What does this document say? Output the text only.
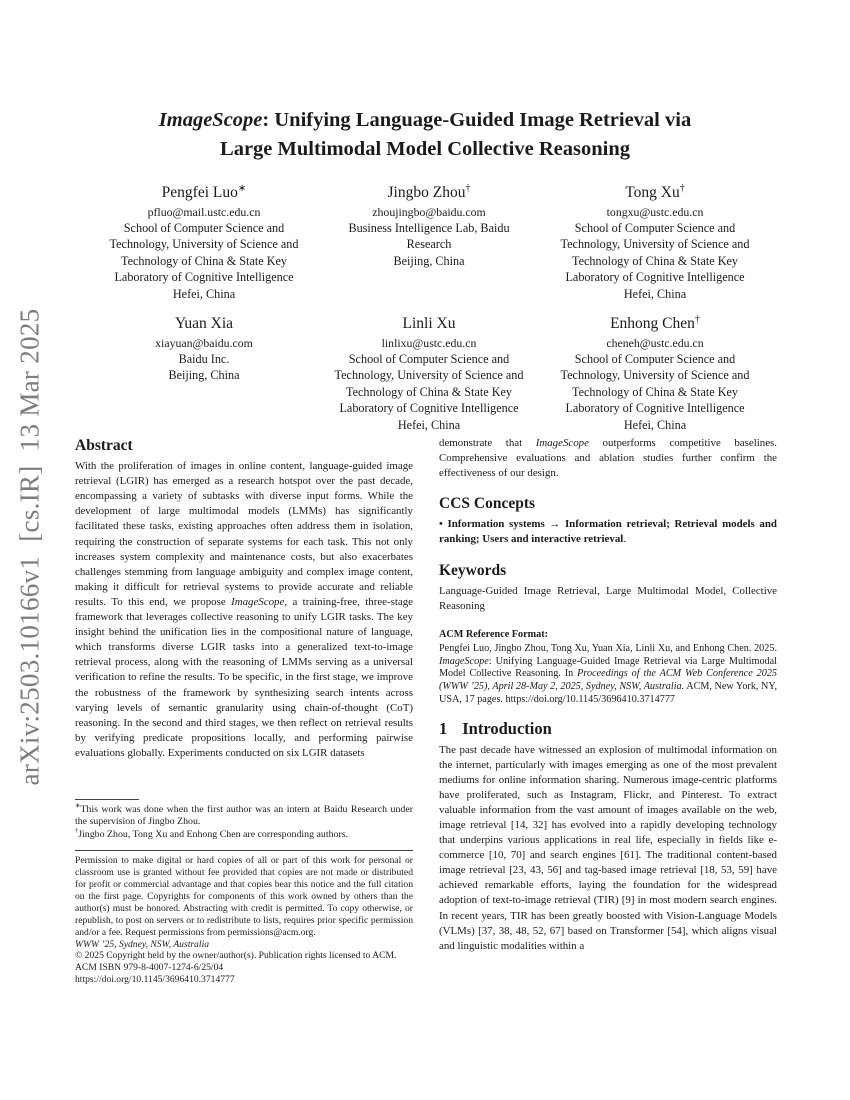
arXiv:2503.10166v1  [cs.IR]  13 Mar 2025
ImageScope: Unifying Language-Guided Image Retrieval via
Large Multimodal Model Collective Reasoning
Pengfei Luo∗
pfluo@mail.ustc.edu.cn
School of Computer Science and
Technology, University of Science and
Technology of China & State Key
Laboratory of Cognitive Intelligence
Hefei, China
Jingbo Zhou†
zhoujingbo@baidu.com
Business Intelligence Lab, Baidu
Research
Beijing, China
Tong Xu†
tongxu@ustc.edu.cn
School of Computer Science and
Technology, University of Science and
Technology of China & State Key
Laboratory of Cognitive Intelligence
Hefei, China
Yuan Xia
xiayuan@baidu.com
Baidu Inc.
Beijing, China
Linli Xu
linlixu@ustc.edu.cn
School of Computer Science and
Technology, University of Science and
Technology of China & State Key
Laboratory of Cognitive Intelligence
Hefei, China
Enhong Chen†
cheneh@ustc.edu.cn
School of Computer Science and
Technology, University of Science and
Technology of China & State Key
Laboratory of Cognitive Intelligence
Hefei, China
Abstract

With the proliferation of images in online content, language-guided image retrieval (LGIR) has emerged as a research hotspot over the past decade, encompassing a variety of subtasks with diverse input forms. While the development of large multimodal models (LMMs) has significantly facilitated these tasks, existing approaches often address them in isolation, requiring the construction of separate systems for each task. This not only increases system complexity and maintenance costs, but also exacerbates challenges stemming from language ambiguity and complex image content, making it difficult for retrieval systems to provide accurate and reliable results. To this end, we propose ImageScope, a training-free, three-stage framework that leverages collective reasoning to unify LGIR tasks. The key insight behind the unification lies in the compositional nature of language, which transforms diverse LGIR tasks into a generalized text-to-image retrieval process, along with the reasoning of LMMs serving as a universal verification to refine the results. To be specific, in the first stage, we improve the robustness of the framework by synthesizing search intents across varying levels of semantic granularity using chain-of-thought (CoT) reasoning. In the second and third stages, we then reflect on retrieval results by verifying predicate propositions locally, and performing pairwise evaluations globally. Experiments conducted on six LGIR datasets

∗This work was done when the first author was an intern at Baidu Research under the supervision of Jingbo Zhou.

†Jingbo Zhou, Tong Xu and Enhong Chen are corresponding authors.

Permission to make digital or hard copies of all or part of this work for personal or classroom use is granted without fee provided that copies are not made or distributed for profit or commercial advantage and that copies bear this notice and the full citation on the first page. Copyrights for components of this work owned by others than the author(s) must be honored. Abstracting with credit is permitted. To copy otherwise, or republish, to post on servers or to redistribute to lists, requires prior specific permission and/or a fee. Request permissions from permissions@acm.org.

WWW ’25, Sydney, NSW, Australia

© 2025 Copyright held by the owner/author(s). Publication rights licensed to ACM.

ACM ISBN 979-8-4007-1274-6/25/04

https://doi.org/10.1145/3696410.3714777

demonstrate that ImageScope outperforms competitive baselines. Comprehensive evaluations and ablation studies further confirm the effectiveness of our design.

CCS Concepts

• Information systems → Information retrieval; Retrieval models and ranking; Users and interactive retrieval.

Keywords

Language-Guided Image Retrieval, Large Multimodal Model, Collective Reasoning

ACM Reference Format:

Pengfei Luo, Jingbo Zhou, Tong Xu, Yuan Xia, Linli Xu, and Enhong Chen. 2025. ImageScope: Unifying Language-Guided Image Retrieval via Large Multimodal Model Collective Reasoning. In Proceedings of the ACM Web Conference 2025 (WWW ’25), April 28-May 2, 2025, Sydney, NSW, Australia. ACM, New York, NY, USA, 17 pages. https://doi.org/10.1145/3696410.3714777

1 Introduction

The past decade have witnessed an explosion of multimodal information on the internet, particularly with images emerging as one of the most prevalent mediums for online information sharing. Numerous image-centric platforms have proliferated, such as Instagram, Flickr, and Pinterest. To extract valuable information from the vast amount of images available on the web, image retrieval [14, 32] has evolved into a rapidly developing technology that underpins various applications in real life, especially in fields like e-commerce [10, 70] and search engines [61]. The traditional content-based image retrieval [23, 43, 56] and tag-based image retrieval [18, 53, 59] have achieved remarkable efforts, laying the foundation for the widespread adoption of text-to-image retrieval (TIR) [9] in most modern search engines. In recent years, TIR has been greatly boosted with Vision-Language Models (VLMs) [37, 38, 48, 52, 67] based on Transformer [54], which aligns visual and linguistic modalities within a
